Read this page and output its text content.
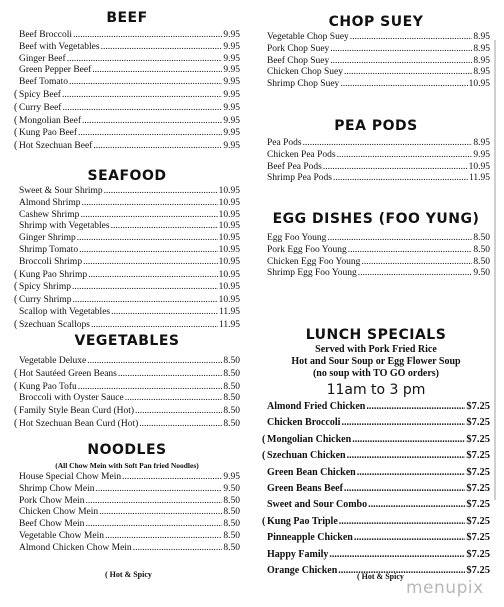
BEEF
Beef Broccoli .....	9.95
Beef with Vegetables .....	9.95
Ginger Beef .....	9.95
Green Pepper Beef .....	9.95
Beef Tomato .....	9.95
( Spicy Beef .....	9.95
( Curry Beef .....	9.95
( Mongolian Beef .....	9.95
( Kung Pao Beef .....	9.95
( Hot Szechuan Beef .....	9.95
SEAFOOD
Sweet & Sour Shrimp .....	10.95
Almond Shrimp .....	10.95
Cashew Shrimp .....	10.95
Shrimp with Vegetables .....	10.95
Ginger Shrimp .....	10.95
Shrimp Tomato .....	10.95
Broccoli Shrimp .....	10.95
( Kung Pao Shrimp .....	10.95
( Spicy Shrimp .....	10.95
( Curry Shrimp .....	10.95
Scallop with Vegetables .....	11.95
( Szechuan Scallops .....	11.95
VEGETABLES
Vegetable Deluxe .....	8.50
( Hot Sautéed Green Beans .....	8.50
( Kung Pao Tofu .....	8.50
Broccoli with Oyster Sauce .....	8.50
( Family Style Bean Curd (Hot) .....	8.50
( Hot Szechuan Bean Curd (Hot) .....	8.50
NOODLES
(All Chow Mein with Soft Pan fried Noodles)
House Special Chow Mein .....	9.95
Shrimp Chow Mein .....	9.50
Pork Chow Mein .....	8.50
Chicken Chow Mein .....	8.50
Beef Chow Mein .....	8.50
Vegetable Chow Mein .....	8.50
Almond Chicken Chow Mein .....	8.50
( Hot & Spicy
CHOP SUEY
Vegetable Chop Suey .....	8.95
Pork Chop Suey .....	8.95
Beef Chop Suey .....	8.95
Chicken Chop Suey .....	8.95
Shrimp Chop Suey .....	10.95
PEA PODS
Pea Pods .....	8.95
Chicken Pea Pods .....	9.95
Beef Pea Pods .....	10.95
Shrimp Pea Pods .....	11.95
EGG DISHES (FOO YUNG)
Egg Foo Young .....	8.50
Pork Egg Foo Young .....	8.50
Chicken Egg Foo Young .....	8.50
Shrimp Egg Foo Young .....	9.50
LUNCH SPECIALS
Served with Pork Fried Rice
Hot and Sour Soup or Egg Flower Soup
(no soup with TO GO orders)
11am to 3 pm
Almond Fried Chicken .....	$7.25
Chicken Broccoli .....	$7.25
( Mongolian Chicken .....	$7.25
( Szechuan Chicken .....	$7.25
Green Bean Chicken .....	$7.25
Green Beans Beef .....	$7.25
Sweet and Sour Combo .....	$7.25
( Kung Pao Triple .....	$7.25
Pinneapple Chicken .....	$7.25
Happy Family .....	$7.25
Orange Chicken .....	$7.25
( Hot & Spicy
menupix
